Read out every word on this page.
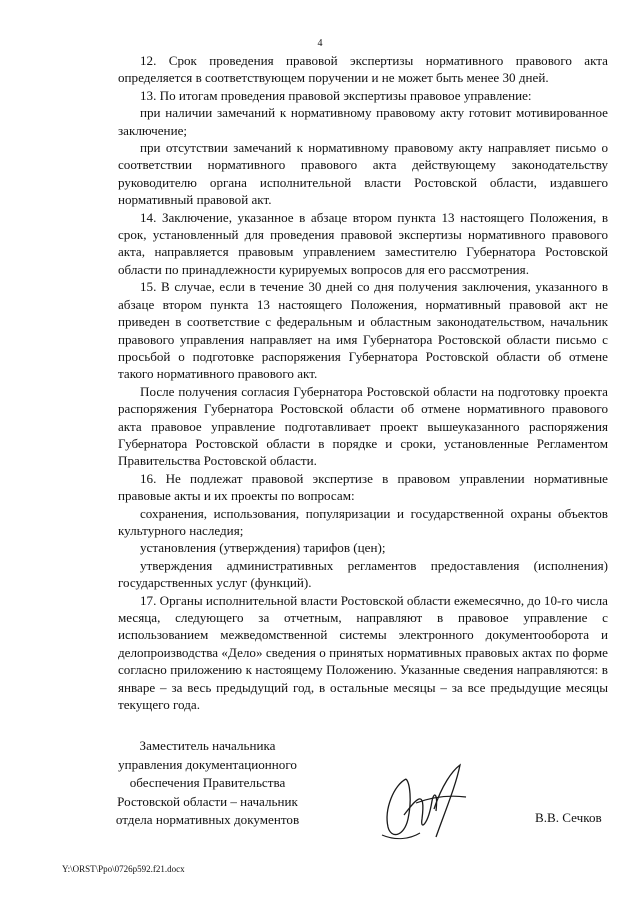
4

12. Срок проведения правовой экспертизы нормативного правового акта определяется в соответствующем поручении и не может быть менее 30 дней.

13. По итогам проведения правовой экспертизы правовое управление:

при наличии замечаний к нормативному правовому акту готовит мотивированное заключение;

при отсутствии замечаний к нормативному правовому акту направляет письмо о соответствии нормативного правового акта действующему законодательству руководителю органа исполнительной власти Ростовской области, издавшего нормативный правовой акт.

14. Заключение, указанное в абзаце втором пункта 13 настоящего Положения, в срок, установленный для проведения правовой экспертизы нормативного правового акта, направляется правовым управлением заместителю Губернатора Ростовской области по принадлежности курируемых вопросов для его рассмотрения.

15. В случае, если в течение 30 дней со дня получения заключения, указанного в абзаце втором пункта 13 настоящего Положения, нормативный правовой акт не приведен в соответствие с федеральным и областным законодательством, начальник правового управления направляет на имя Губернатора Ростовской области письмо с просьбой о подготовке распоряжения Губернатора Ростовской области об отмене такого нормативного правового акт.

После получения согласия Губернатора Ростовской области на подготовку проекта распоряжения Губернатора Ростовской области об отмене нормативного правового акта правовое управление подготавливает проект вышеуказанного распоряжения Губернатора Ростовской области в порядке и сроки, установленные Регламентом Правительства Ростовской области.

16. Не подлежат правовой экспертизе в правовом управлении нормативные правовые акты и их проекты по вопросам:

сохранения, использования, популяризации и государственной охраны объектов культурного наследия;

установления (утверждения) тарифов (цен);

утверждения административных регламентов предоставления (исполнения) государственных услуг (функций).

17. Органы исполнительной власти Ростовской области ежемесячно, до 10-го числа месяца, следующего за отчетным, направляют в правовое управление с использованием межведомственной системы электронного документооборота и делопроизводства «Дело» сведения о принятых нормативных правовых актах по форме согласно приложению к настоящему Положению. Указанные сведения направляются: в январе – за весь предыдущий год, в остальные месяцы – за все предыдущие месяцы текущего года.

Заместитель начальника
управления документационного
обеспечения Правительства
Ростовской области – начальник
отдела нормативных документов	В.В. Сечков
Y:\ORST\Ppo\0726p592.f21.docx
